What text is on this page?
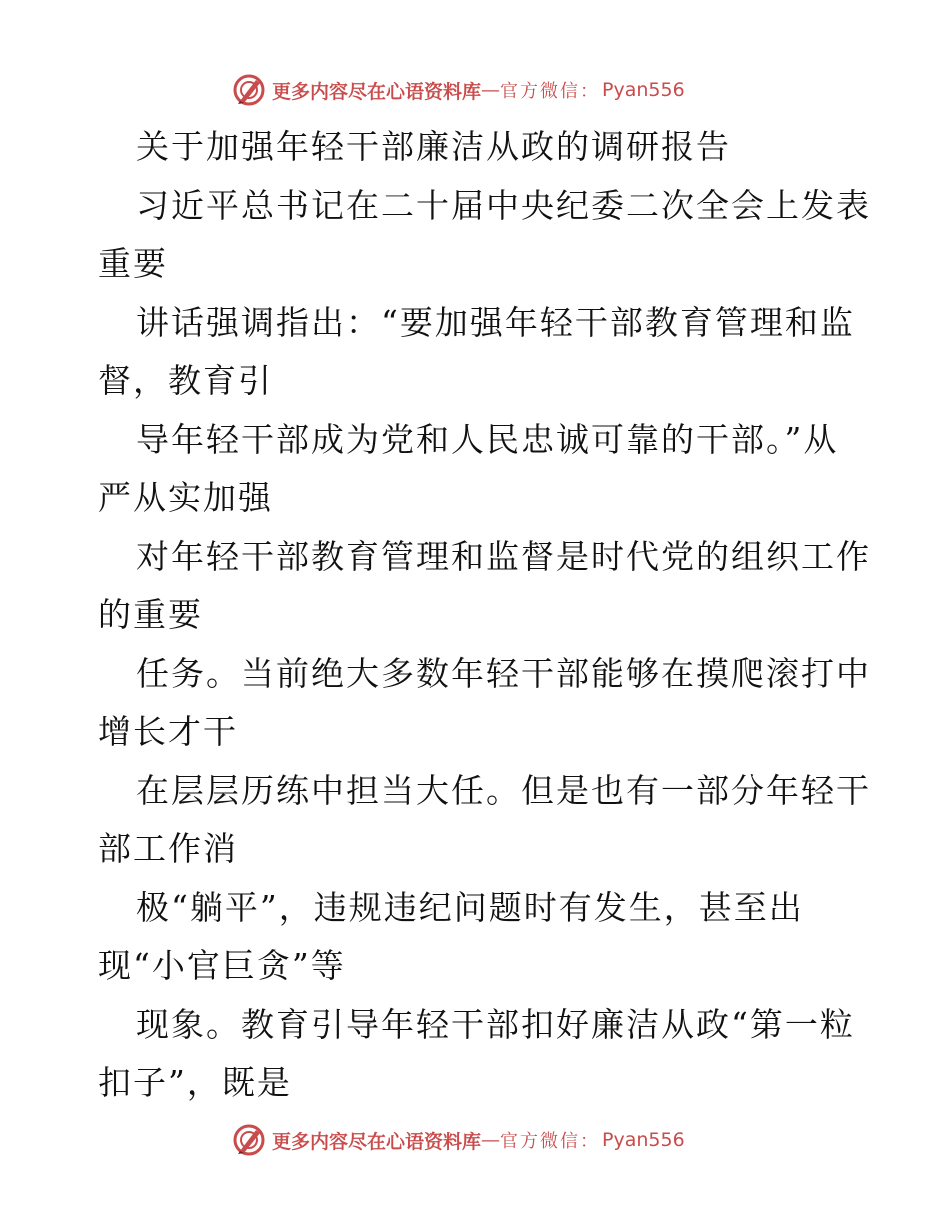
更多内容尽在心语资料库 — 官方微信： Pyan556
关于加强年轻干部廉洁从政的调研报告
习近平总书记在二十届中央纪委二次全会上发表
重要
讲话强调指出：“要加强年轻干部教育管理和监
督，教育引
导年轻干部成为党和人民忠诚可靠的干部。”从
严从实加强
对年轻干部教育管理和监督是时代党的组织工作
的重要
任务。当前绝大多数年轻干部能够在摸爬滚打中
增长才干
在层层历练中担当大任。但是也有一部分年轻干
部工作消
极“躺平”，违规违纪问题时有发生，甚至出
现“小官巨贪”等
现象。教育引导年轻干部扣好廉洁从政“第一粒
扣子”，既是
更多内容尽在心语资料库 — 官方微信： Pyan556
